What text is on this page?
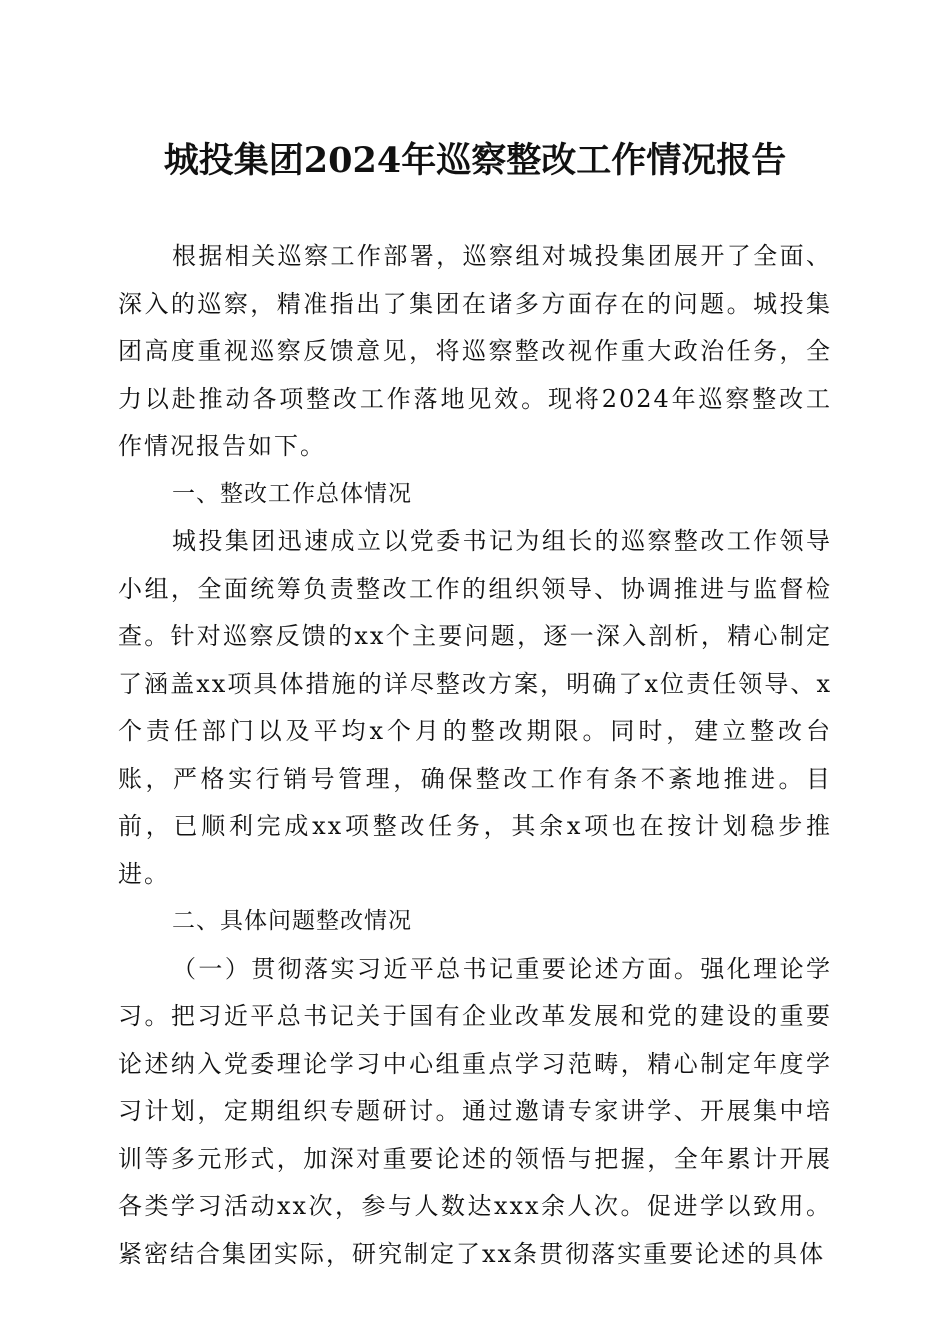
城投集团2024年巡察整改工作情况报告

根据相关巡察工作部署，巡察组对城投集团展开了全面、深入的巡察，精准指出了集团在诸多方面存在的问题。城投集团高度重视巡察反馈意见，将巡察整改视作重大政治任务，全力以赴推动各项整改工作落地见效。现将2024年巡察整改工作情况报告如下。

一、整改工作总体情况

城投集团迅速成立以党委书记为组长的巡察整改工作领导小组，全面统筹负责整改工作的组织领导、协调推进与监督检查。针对巡察反馈的xx个主要问题，逐一深入剖析，精心制定了涵盖xx项具体措施的详尽整改方案，明确了x位责任领导、x个责任部门以及平均x个月的整改期限。同时，建立整改台账，严格实行销号管理，确保整改工作有条不紊地推进。目前，已顺利完成xx项整改任务，其余x项也在按计划稳步推进。

二、具体问题整改情况

（一）贯彻落实习近平总书记重要论述方面。强化理论学习。把习近平总书记关于国有企业改革发展和党的建设的重要论述纳入党委理论学习中心组重点学习范畴，精心制定年度学习计划，定期组织专题研讨。通过邀请专家讲学、开展集中培训等多元形式，加深对重要论述的领悟与把握，全年累计开展各类学习活动xx次，参与人数达xxx余人次。促进学以致用。紧密结合集团实际，研究制定了xx条贯彻落实重要论述的具体
